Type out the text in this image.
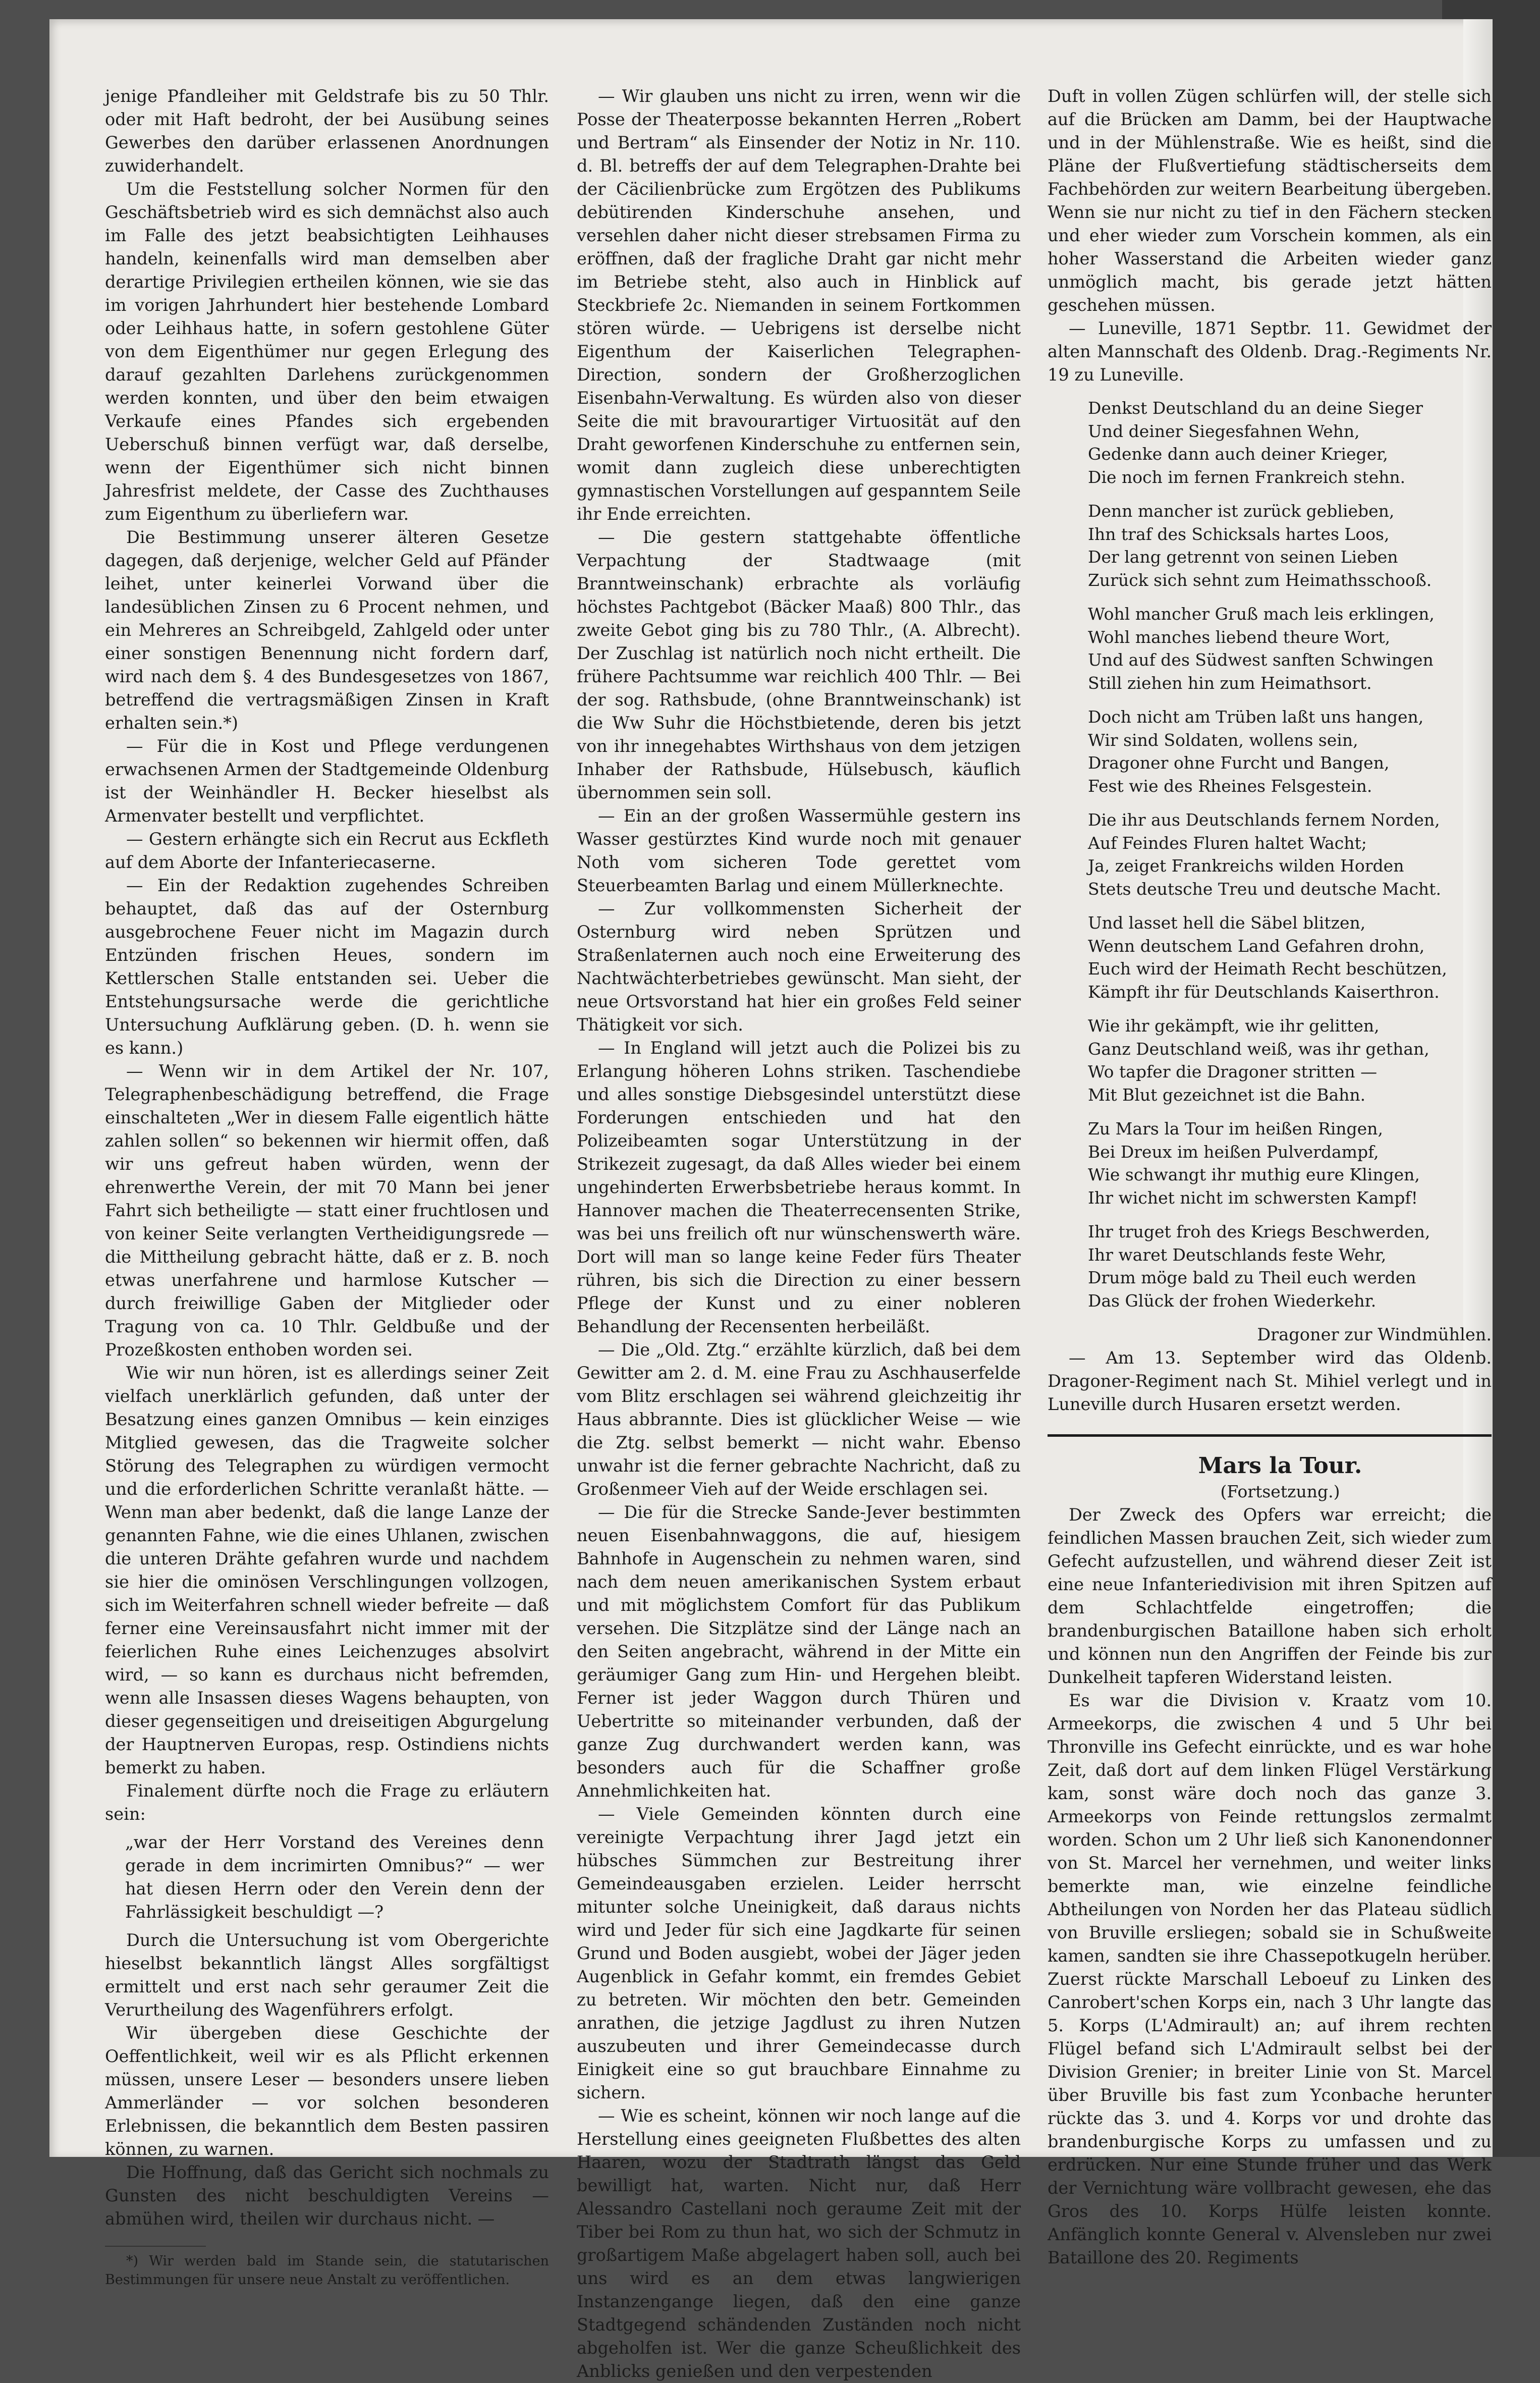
jenige Pfandleiher mit Geldstrafe bis zu 50 Thlr. oder mit Haft bedroht, der bei Ausübung seines Gewerbes den darüber erlassenen Anordnungen zuwiderhandelt.

Um die Feststellung solcher Normen für den Geschäftsbetrieb wird es sich demnächst also auch im Falle des jetzt beabsichtigten Leihhauses handeln, keinenfalls wird man demselben aber derartige Privilegien ertheilen können, wie sie das im vorigen Jahrhundert hier bestehende Lombard oder Leihhaus hatte, in sofern gestohlene Güter von dem Eigenthümer nur gegen Erlegung des darauf gezahlten Darlehens zurückgenommen werden konnten, und über den beim etwaigen Verkaufe eines Pfandes sich ergebenden Ueberschuß binnen verfügt war, daß derselbe, wenn der Eigenthümer sich nicht binnen Jahresfrist meldete, der Casse des Zuchthauses zum Eigenthum zu überliefern war.

Die Bestimmung unserer älteren Gesetze dagegen, daß derjenige, welcher Geld auf Pfänder leihet, unter keinerlei Vorwand über die landesüblichen Zinsen zu 6 Procent nehmen, und ein Mehreres an Schreibgeld, Zahlgeld oder unter einer sonstigen Benennung nicht fordern darf, wird nach dem §. 4 des Bundesgesetzes von 1867, betreffend die vertragsmäßigen Zinsen in Kraft erhalten sein.*)

— Für die in Kost und Pflege verdungenen erwachsenen Armen der Stadtgemeinde Oldenburg ist der Weinhändler H. Becker hieselbst als Armenvater bestellt und verpflichtet.

— Gestern erhängte sich ein Recrut aus Eckfleth auf dem Aborte der Infanteriecaserne.

— Ein der Redaktion zugehendes Schreiben behauptet, daß das auf der Osternburg ausgebrochene Feuer nicht im Magazin durch Entzünden frischen Heues, sondern im Kettlerschen Stalle entstanden sei. Ueber die Entstehungsursache werde die gerichtliche Untersuchung Aufklärung geben. (D. h. wenn sie es kann.)

— Wenn wir in dem Artikel der Nr. 107, Telegraphenbeschädigung betreffend, die Frage einschalteten „Wer in diesem Falle eigentlich hätte zahlen sollen“ so bekennen wir hiermit offen, daß wir uns gefreut haben würden, wenn der ehrenwerthe Verein, der mit 70 Mann bei jener Fahrt sich betheiligte — statt einer fruchtlosen und von keiner Seite verlangten Vertheidigungsrede — die Mittheilung gebracht hätte, daß er z. B. noch etwas unerfahrene und harmlose Kutscher — durch freiwillige Gaben der Mitglieder oder Tragung von ca. 10 Thlr. Geldbuße und der Prozeßkosten enthoben worden sei.

Wie wir nun hören, ist es allerdings seiner Zeit vielfach unerklärlich gefunden, daß unter der Besatzung eines ganzen Omnibus — kein einziges Mitglied gewesen, das die Tragweite solcher Störung des Telegraphen zu würdigen vermocht und die erforderlichen Schritte veranlaßt hätte. — Wenn man aber bedenkt, daß die lange Lanze der genannten Fahne, wie die eines Uhlanen, zwischen die unteren Drähte gefahren wurde und nachdem sie hier die ominösen Verschlingungen vollzogen, sich im Weiterfahren schnell wieder befreite — daß ferner eine Vereinsausfahrt nicht immer mit der feierlichen Ruhe eines Leichenzuges absolvirt wird, — so kann es durchaus nicht befremden, wenn alle Insassen dieses Wagens behaupten, von dieser gegenseitigen und dreiseitigen Abgurgelung der Hauptnerven Europas, resp. Ostindiens nichts bemerkt zu haben.

Finalement dürfte noch die Frage zu erläutern sein:

„war der Herr Vorstand des Vereines denn gerade in dem incrimirten Omnibus?“ — wer hat diesen Herrn oder den Verein denn der Fahrlässigkeit beschuldigt —?

Durch die Untersuchung ist vom Obergerichte hieselbst bekanntlich längst Alles sorgfältigst ermittelt und erst nach sehr geraumer Zeit die Verurtheilung des Wagenführers erfolgt.

Wir übergeben diese Geschichte der Oeffentlichkeit, weil wir es als Pflicht erkennen müssen, unsere Leser — besonders unsere lieben Ammerländer — vor solchen besonderen Erlebnissen, die bekanntlich dem Besten passiren können, zu warnen.

Die Hoffnung, daß das Gericht sich nochmals zu Gunsten des nicht beschuldigten Vereins — abmühen wird, theilen wir durchaus nicht. —

*) Wir werden bald im Stande sein, die statutarischen Bestimmungen für unsere neue Anstalt zu veröffentlichen.

— Wir glauben uns nicht zu irren, wenn wir die Posse der Theaterposse bekannten Herren „Robert und Bertram“ als Einsender der Notiz in Nr. 110. d. Bl. betreffs der auf dem Telegraphen-Drahte bei der Cäcilienbrücke zum Ergötzen des Publikums debütirenden Kinderschuhe ansehen, und versehlen daher nicht dieser strebsamen Firma zu eröffnen, daß der fragliche Draht gar nicht mehr im Betriebe steht, also auch in Hinblick auf Steckbriefe 2c. Niemanden in seinem Fortkommen stören würde. — Uebrigens ist derselbe nicht Eigenthum der Kaiserlichen Telegraphen-Direction, sondern der Großherzoglichen Eisenbahn-Verwaltung. Es würden also von dieser Seite die mit bravourartiger Virtuosität auf den Draht geworfenen Kinderschuhe zu entfernen sein, womit dann zugleich diese unberechtigten gymnastischen Vorstellungen auf gespanntem Seile ihr Ende erreichten.

— Die gestern stattgehabte öffentliche Verpachtung der Stadtwaage (mit Branntweinschank) erbrachte als vorläufig höchstes Pachtgebot (Bäcker Maaß) 800 Thlr., das zweite Gebot ging bis zu 780 Thlr., (A. Albrecht). Der Zuschlag ist natürlich noch nicht ertheilt. Die frühere Pachtsumme war reichlich 400 Thlr. — Bei der sog. Rathsbude, (ohne Branntweinschank) ist die Ww Suhr die Höchstbietende, deren bis jetzt von ihr innegehabtes Wirthshaus von dem jetzigen Inhaber der Rathsbude, Hülsebusch, käuflich übernommen sein soll.

— Ein an der großen Wassermühle gestern ins Wasser gestürztes Kind wurde noch mit genauer Noth vom sicheren Tode gerettet vom Steuerbeamten Barlag und einem Müllerknechte.

— Zur vollkommensten Sicherheit der Osternburg wird neben Sprützen und Straßenlaternen auch noch eine Erweiterung des Nachtwächterbetriebes gewünscht. Man sieht, der neue Ortsvorstand hat hier ein großes Feld seiner Thätigkeit vor sich.

— In England will jetzt auch die Polizei bis zu Erlangung höheren Lohns striken. Taschendiebe und alles sonstige Diebsgesindel unterstützt diese Forderungen entschieden und hat den Polizeibeamten sogar Unterstützung in der Strikezeit zugesagt, da daß Alles wieder bei einem ungehinderten Erwerbsbetriebe heraus kommt. In Hannover machen die Theaterrecensenten Strike, was bei uns freilich oft nur wünschenswerth wäre. Dort will man so lange keine Feder fürs Theater rühren, bis sich die Direction zu einer bessern Pflege der Kunst und zu einer nobleren Behandlung der Recensenten herbeiläßt.

— Die „Old. Ztg.“ erzählte kürzlich, daß bei dem Gewitter am 2. d. M. eine Frau zu Aschhauserfelde vom Blitz erschlagen sei während gleichzeitig ihr Haus abbrannte. Dies ist glücklicher Weise — wie die Ztg. selbst bemerkt — nicht wahr. Ebenso unwahr ist die ferner gebrachte Nachricht, daß zu Großenmeer Vieh auf der Weide erschlagen sei.

— Die für die Strecke Sande-Jever bestimmten neuen Eisenbahnwaggons, die auf, hiesigem Bahnhofe in Augenschein zu nehmen waren, sind nach dem neuen amerikanischen System erbaut und mit möglichstem Comfort für das Publikum versehen. Die Sitzplätze sind der Länge nach an den Seiten angebracht, während in der Mitte ein geräumiger Gang zum Hin- und Hergehen bleibt. Ferner ist jeder Waggon durch Thüren und Uebertritte so miteinander verbunden, daß der ganze Zug durchwandert werden kann, was besonders auch für die Schaffner große Annehmlichkeiten hat.

— Viele Gemeinden könnten durch eine vereinigte Verpachtung ihrer Jagd jetzt ein hübsches Sümmchen zur Bestreitung ihrer Gemeindeausgaben erzielen. Leider herrscht mitunter solche Uneinigkeit, daß daraus nichts wird und Jeder für sich eine Jagdkarte für seinen Grund und Boden ausgiebt, wobei der Jäger jeden Augenblick in Gefahr kommt, ein fremdes Gebiet zu betreten. Wir möchten den betr. Gemeinden anrathen, die jetzige Jagdlust zu ihren Nutzen auszubeuten und ihrer Gemeindecasse durch Einigkeit eine so gut brauchbare Einnahme zu sichern.

— Wie es scheint, können wir noch lange auf die Herstellung eines geeigneten Flußbettes des alten Haaren, wozu der Stadtrath längst das Geld bewilligt hat, warten. Nicht nur, daß Herr Alessandro Castellani noch geraume Zeit mit der Tiber bei Rom zu thun hat, wo sich der Schmutz in großartigem Maße abgelagert haben soll, auch bei uns wird es an dem etwas langwierigen Instanzengange liegen, daß den eine ganze Stadtgegend schändenden Zuständen noch nicht abgeholfen ist. Wer die ganze Scheußlichkeit des Anblicks genießen und den verpestenden

Duft in vollen Zügen schlürfen will, der stelle sich auf die Brücken am Damm, bei der Hauptwache und in der Mühlenstraße. Wie es heißt, sind die Pläne der Flußvertiefung städtischerseits dem Fachbehörden zur weitern Bearbeitung übergeben. Wenn sie nur nicht zu tief in den Fächern stecken und eher wieder zum Vorschein kommen, als ein hoher Wasserstand die Arbeiten wieder ganz unmöglich macht, bis gerade jetzt hätten geschehen müssen.

— Luneville, 1871 Septbr. 11. Gewidmet der alten Mannschaft des Oldenb. Drag.-Regiments Nr. 19 zu Luneville.

Denkst Deutschland du an deine Sieger
Und deiner Siegesfahnen Wehn,
Gedenke dann auch deiner Krieger,
Die noch im fernen Frankreich stehn.
Denn mancher ist zurück geblieben,
Ihn traf des Schicksals hartes Loos,
Der lang getrennt von seinen Lieben
Zurück sich sehnt zum Heimathsschooß.
Wohl mancher Gruß mach leis erklingen,
Wohl manches liebend theure Wort,
Und auf des Südwest sanften Schwingen
Still ziehen hin zum Heimathsort.
Doch nicht am Trüben laßt uns hangen,
Wir sind Soldaten, wollens sein,
Dragoner ohne Furcht und Bangen,
Fest wie des Rheines Felsgestein.
Die ihr aus Deutschlands fernem Norden,
Auf Feindes Fluren haltet Wacht;
Ja, zeiget Frankreichs wilden Horden
Stets deutsche Treu und deutsche Macht.
Und lasset hell die Säbel blitzen,
Wenn deutschem Land Gefahren drohn,
Euch wird der Heimath Recht beschützen,
Kämpft ihr für Deutschlands Kaiserthron.
Wie ihr gekämpft, wie ihr gelitten,
Ganz Deutschland weiß, was ihr gethan,
Wo tapfer die Dragoner stritten —
Mit Blut gezeichnet ist die Bahn.
Zu Mars la Tour im heißen Ringen,
Bei Dreux im heißen Pulverdampf,
Wie schwangt ihr muthig eure Klingen,
Ihr wichet nicht im schwersten Kampf!
Ihr truget froh des Kriegs Beschwerden,
Ihr waret Deutschlands feste Wehr,
Drum möge bald zu Theil euch werden
Das Glück der frohen Wiederkehr.

Dragoner zur Windmühlen.

— Am 13. September wird das Oldenb. Dragoner-Regiment nach St. Mihiel verlegt und in Luneville durch Husaren ersetzt werden.

Mars la Tour.

(Fortsetzung.)

Der Zweck des Opfers war erreicht; die feindlichen Massen brauchen Zeit, sich wieder zum Gefecht aufzustellen, und während dieser Zeit ist eine neue Infanteriedivision mit ihren Spitzen auf dem Schlachtfelde eingetroffen; die brandenburgischen Bataillone haben sich erholt und können nun den Angriffen der Feinde bis zur Dunkelheit tapferen Widerstand leisten.

Es war die Division v. Kraatz vom 10. Armeekorps, die zwischen 4 und 5 Uhr bei Thronville ins Gefecht einrückte, und es war hohe Zeit, daß dort auf dem linken Flügel Verstärkung kam, sonst wäre doch noch das ganze 3. Armeekorps von Feinde rettungslos zermalmt worden. Schon um 2 Uhr ließ sich Kanonendonner von St. Marcel her vernehmen, und weiter links bemerkte man, wie einzelne feindliche Abtheilungen von Norden her das Plateau südlich von Bruville ersliegen; sobald sie in Schußweite kamen, sandten sie ihre Chassepotkugeln herüber. Zuerst rückte Marschall Leboeuf zu Linken des Canrobert'schen Korps ein, nach 3 Uhr langte das 5. Korps (L'Admirault) an; auf ihrem rechten Flügel befand sich L'Admirault selbst bei der Division Grenier; in breiter Linie von St. Marcel über Bruville bis fast zum Yconbache herunter rückte das 3. und 4. Korps vor und drohte das brandenburgische Korps zu umfassen und zu erdrücken. Nur eine Stunde früher und das Werk der Vernichtung wäre vollbracht gewesen, ehe das Gros des 10. Korps Hülfe leisten konnte. Anfänglich konnte General v. Alvensleben nur zwei Bataillone des 20. Regiments
